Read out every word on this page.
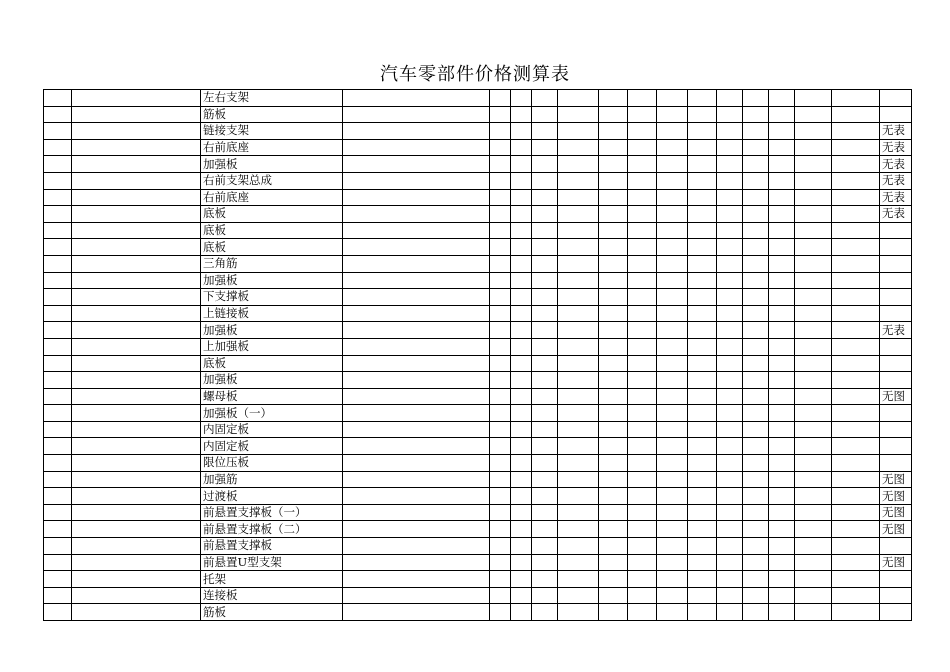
汽车零部件价格测算表
		左右支架															
		筋板															
		链接支架															无表
		右前底座															无表
		加强板															无表
		右前支架总成															无表
		右前底座															无表
		底板															无表
		底板															
		底板															
		三角筋															
		加强板															
		下支撑板															
		上链接板															
		加强板															无表
		上加强板															
		底板															
		加强板															
		螺母板															无图
		加强板（一）															
		内固定板															
		内固定板															
		限位压板															
		加强筋															无图
		过渡板															无图
		前悬置支撑板（一）															无图
		前悬置支撑板（二）															无图
		前悬置支撑板															
		前悬置U型支架															无图
		托架															
		连接板															
		筋板															
